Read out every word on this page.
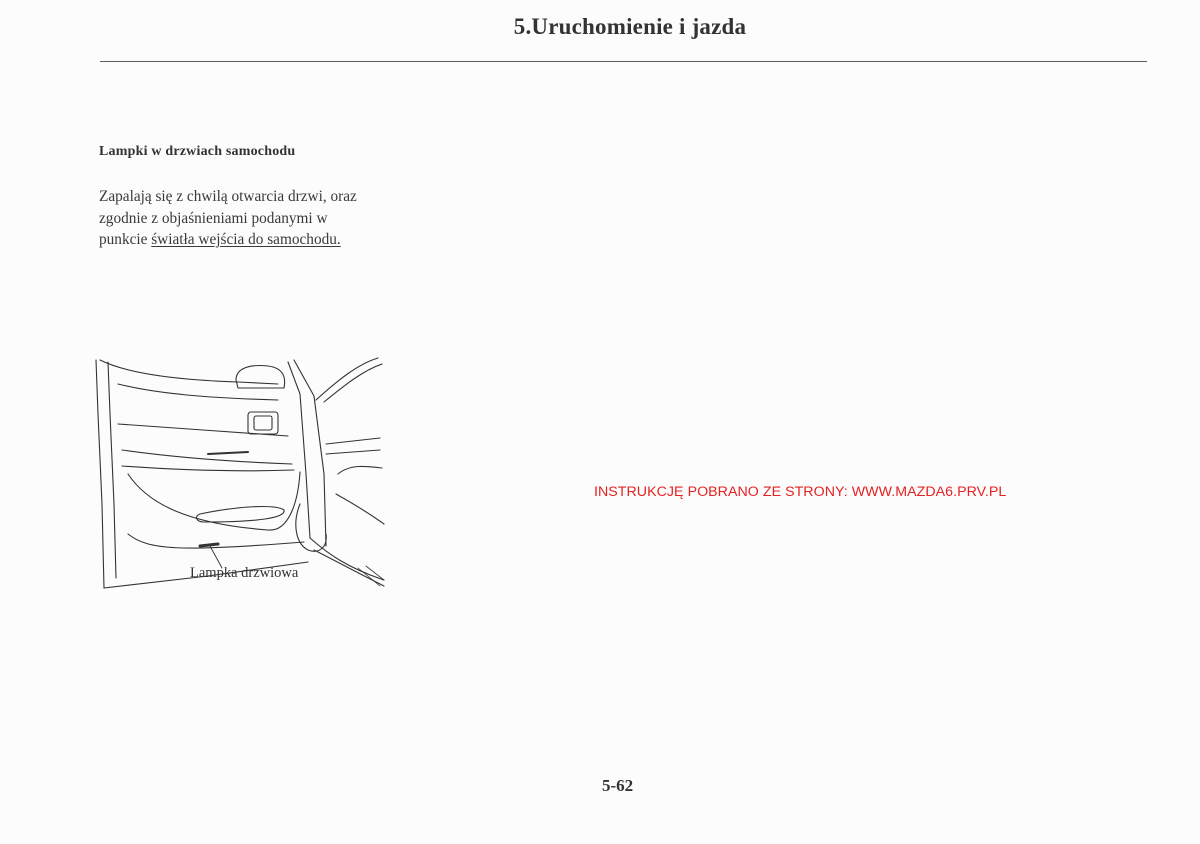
5.Uruchomienie i jazda
Lampki w drzwiach samochodu
Zapalają się z chwilą otwarcia drzwi, oraz
zgodnie z objaśnieniami podanymi w
punkcie światła wejścia do samochodu.
Lampka drzwiowa
INSTRUKCJĘ POBRANO ZE STRONY: WWW.MAZDA6.PRV.PL
5-62
